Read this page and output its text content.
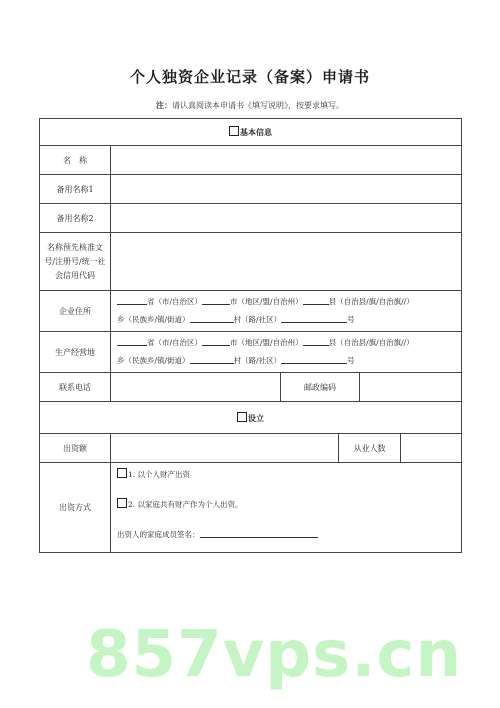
个人独资企业记录（备案）申请书
注：请认真阅读本申请书《填写说明》，按要求填写。
基本信息					
名　称					
备用名称1					
备用名称2					

名称预先核准文号/注册号/统一社会信用代码					

企业住所	省（市/自治区） 市（地区/盟/自治州） 县（自治县/旗/自治旗//）
乡（民族乡/镇/街道） 村（路/社区） 号				

生产经营地	省（市/自治区） 市（地区/盟/自治州） 县（自治县/旗/自治旗//）
乡（民族乡/镇/街道） 村（路/社区） 号				

联系电话		邮政编码			
设立					
出资额			从业人数		
出资方式	1. 以个人财产出资
2. 以家庭共有财产作为个人出资。
出资人的家庭成员签名：				
857vps.cn
